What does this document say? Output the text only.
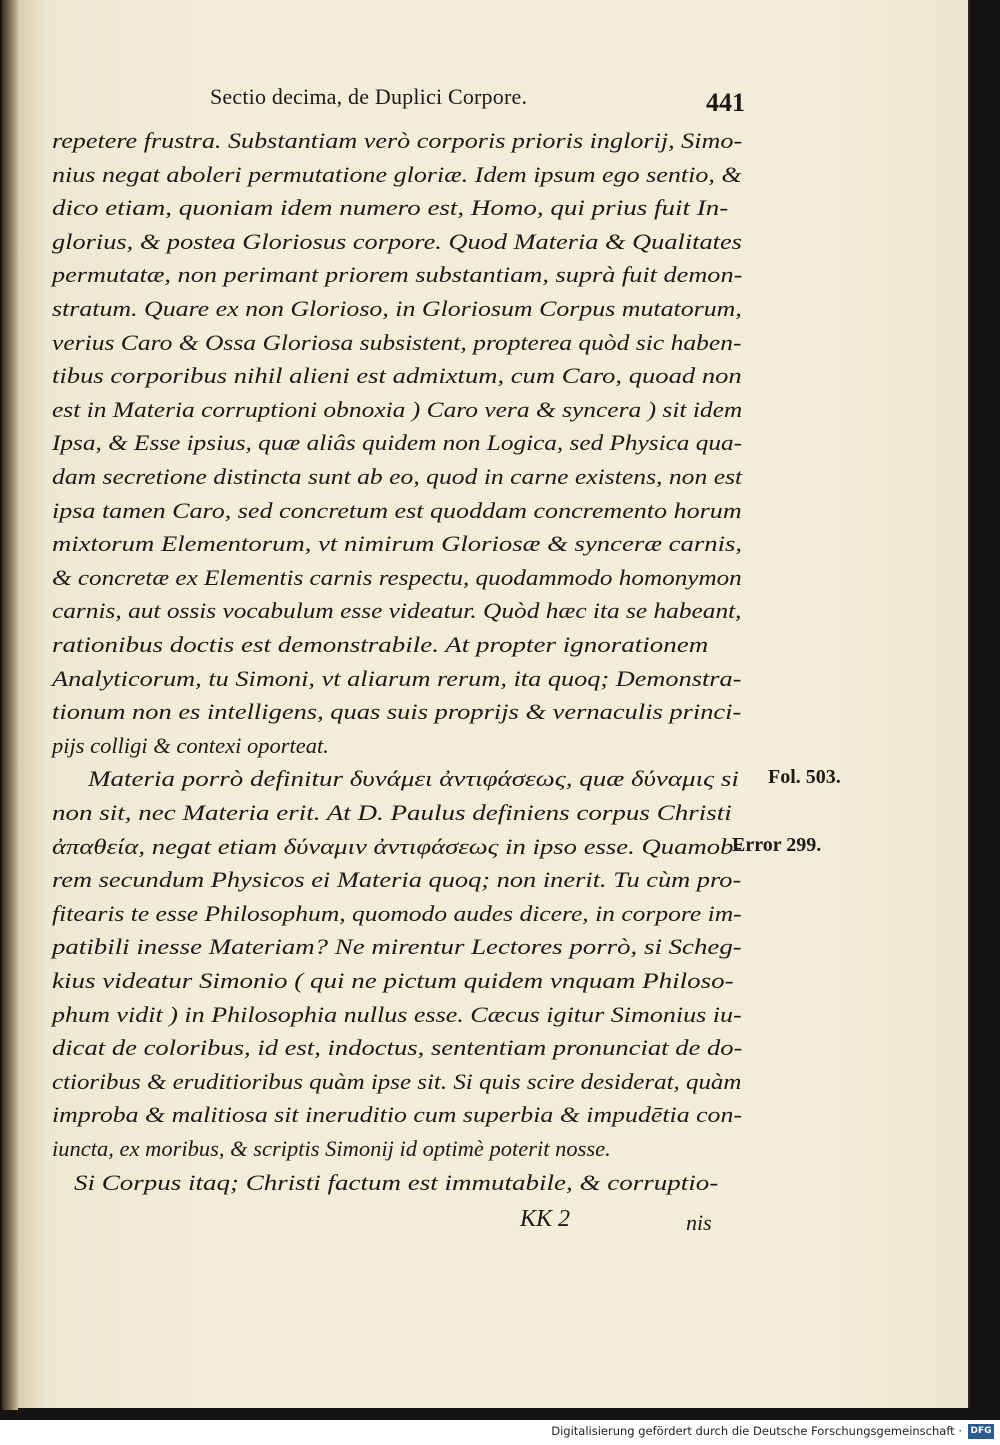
Sectio decima, de Duplici Corpore.	441
repetere frustra. Substantiam verò corporis prioris inglorij, Simo-
nius negat aboleri permutatione gloriæ. Idem ipsum ego sentio, &
dico etiam, quoniam idem numero est, Homo, qui prius fuit In-
glorius, & postea Gloriosus corpore. Quod Materia & Qualitates
permutatæ, non perimant priorem substantiam, suprà fuit demon-
stratum. Quare ex non Glorioso, in Gloriosum Corpus mutatorum,
verius Caro & Ossa Gloriosa subsistent, propterea quòd sic haben-
tibus corporibus nihil alieni est admixtum, cum Caro, quoad non
est in Materia corruptioni obnoxia ) Caro vera & syncera ) sit idem
Ipsa, & Esse ipsius, quæ aliâs quidem non Logica, sed Physica qua-
dam secretione distincta sunt ab eo, quod in carne existens, non est
ipsa tamen Caro, sed concretum est quoddam concremento horum
mixtorum Elementorum, vt nimirum Gloriosæ & synceræ carnis,
& concretæ ex Elementis carnis respectu, quodammodo homonymon
carnis, aut ossis vocabulum esse videatur. Quòd hæc ita se habeant,
rationibus doctis est demonstrabile. At propter ignorationem
Analyticorum, tu Simoni, vt aliarum rerum, ita quoq; Demonstra-
tionum non es intelligens, quas suis proprijs & vernaculis princi-
pijs colligi & contexi oporteat.
Materia porrò definitur δυνάμει ἀντιφάσεως, quæ δύναμις si
non sit, nec Materia erit. At D. Paulus definiens corpus Christi
ἀπαθεία, negat etiam δύναμιν ἀντιφάσεως in ipso esse. Quamob-
rem secundum Physicos ei Materia quoq; non inerit. Tu cùm pro-
fitearis te esse Philosophum, quomodo audes dicere, in corpore im-
patibili inesse Materiam? Ne mirentur Lectores porrò, si Scheg-
kius videatur Simonio ( qui ne pictum quidem vnquam Philoso-
phum vidit ) in Philosophia nullus esse. Cæcus igitur Simonius iu-
dicat de coloribus, id est, indoctus, sententiam pronunciat de do-
ctioribus & eruditioribus quàm ipse sit. Si quis scire desiderat, quàm
improba & malitiosa sit ineruditio cum superbia & impudētia con-
iuncta, ex moribus, & scriptis Simonij id optimè poterit nosse.
Si Corpus itaq; Christi factum est immutabile, & corruptio-
Fol. 503.
Error 299.
KK 2	nis
Digitalisierung gefördert durch die Deutsche Forschungsgemeinschaft · DFG
